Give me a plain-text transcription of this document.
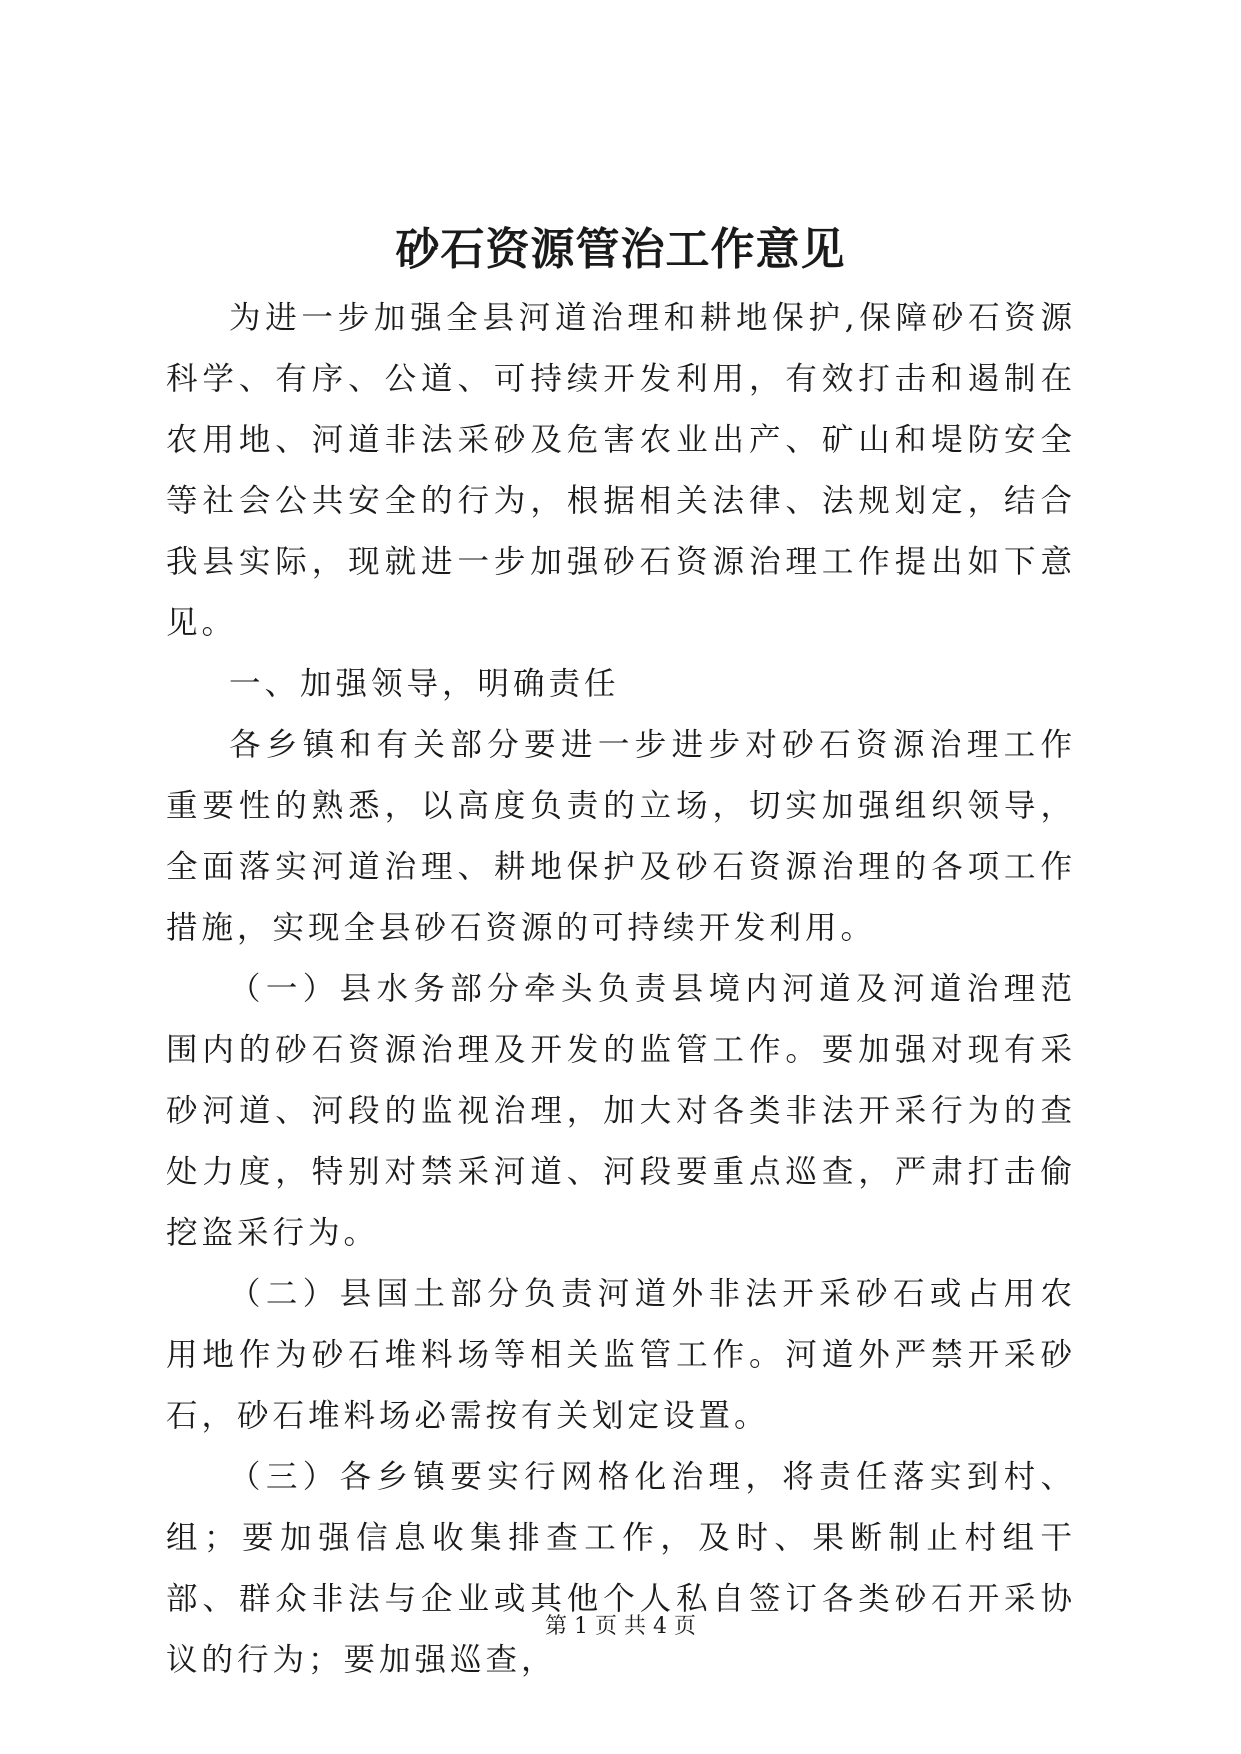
砂石资源管治工作意见

为进一步加强全县河道治理和耕地保护,保障砂石资源科学、有序、公道、可持续开发利用，有效打击和遏制在农用地、河道非法采砂及危害农业出产、矿山和堤防安全等社会公共安全的行为，根据相关法律、法规划定，结合我县实际，现就进一步加强砂石资源治理工作提出如下意见。

一、加强领导，明确责任

各乡镇和有关部分要进一步进步对砂石资源治理工作重要性的熟悉，以高度负责的立场，切实加强组织领导，全面落实河道治理、耕地保护及砂石资源治理的各项工作措施，实现全县砂石资源的可持续开发利用。

（一）县水务部分牵头负责县境内河道及河道治理范围内的砂石资源治理及开发的监管工作。要加强对现有采砂河道、河段的监视治理，加大对各类非法开采行为的查处力度，特别对禁采河道、河段要重点巡查，严肃打击偷挖盗采行为。

（二）县国土部分负责河道外非法开采砂石或占用农用地作为砂石堆料场等相关监管工作。河道外严禁开采砂石，砂石堆料场必需按有关划定设置。

（三）各乡镇要实行网格化治理，将责任落实到村、组；要加强信息收集排查工作，及时、果断制止村组干部、群众非法与企业或其他个人私自签订各类砂石开采协议的行为；要加强巡查，

第 1 页 共 4 页
